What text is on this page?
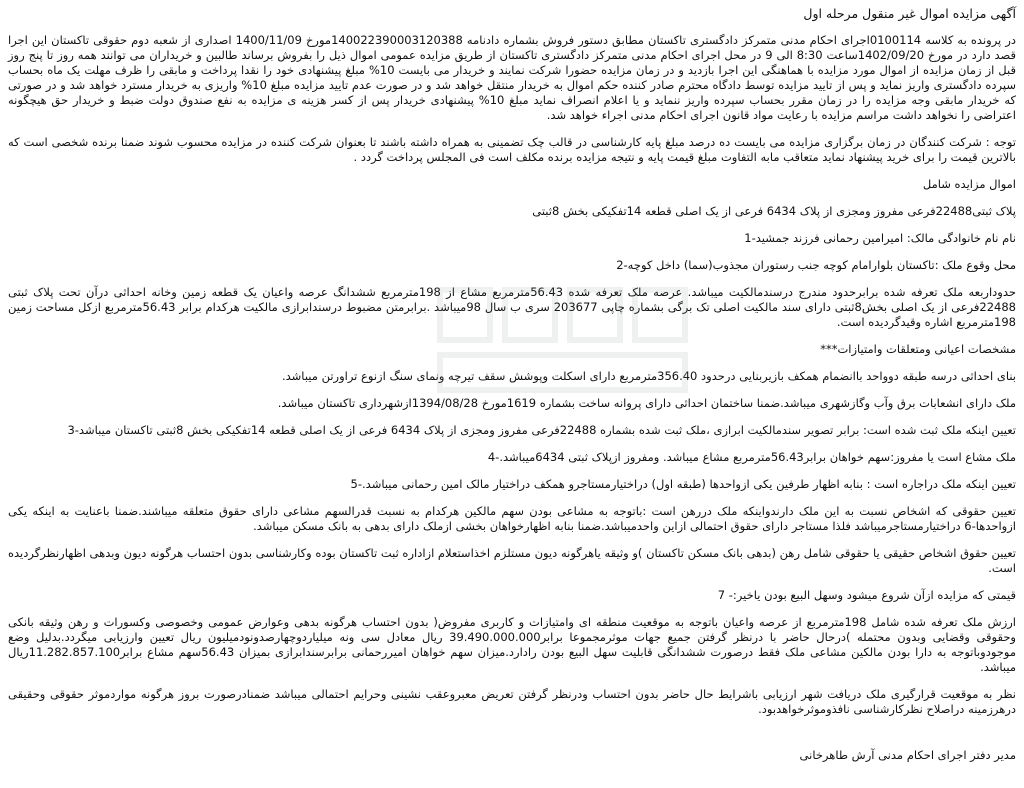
آگهی مزایده اموال غیر منقول مرحله اول
در پرونده به کلاسه 0100114اجرای احکام مدنی متمرکز دادگستری تاکستان مطابق دستور فروش بشماره دادنامه 140022390003120388مورخ 1400/11/09 اصداری از شعبه دوم حقوقی تاکستان این اجرا قصد دارد در مورخ 1402/09/20ساعت 8:30 الی 9 در محل اجرای احکام مدنی متمرکز دادگستری تاکستان از طریق مزایده عمومی اموال ذیل را بفروش برساند طالبین و خریداران می توانند همه روز تا پنج روز قبل از زمان مزایده از اموال مورد مزایده با هماهنگی این اجرا بازدید و در زمان مزایده حضورا شرکت نمایند و خریدار می بایست 10% مبلغ پیشنهادی خود را نقدا پرداخت و مابقی را ظرف مهلت یک ماه بحساب سپرده دادگستری واریز نماید و پس از تایید مزایده توسط دادگاه محترم صادر کننده حکم اموال به خریدار منتقل خواهد شد و در صورت عدم تایید مزایده مبلغ 10% واریزی به خریدار مسترد خواهد شد و در صورتی که خریدار مابقی وجه مزایده را در زمان مقرر بحساب سپرده واریز ننماید و یا اعلام انصراف نماید مبلغ 10% پیشنهادی خریدار پس از کسر هزینه ی مزایده به نفع صندوق دولت ضبط و خریدار حق هیچگونه اعتراضی را نخواهد داشت مراسم مزایده با رعایت مواد قانون اجرای احکام مدنی اجراء خواهد شد.
توجه : شرکت کنندگان در زمان برگزاری مزایده می بایست ده درصد مبلغ پایه کارشناسی در قالب چک تضمینی به همراه داشته باشند تا بعنوان شرکت کننده در مزایده محسوب شوند ضمنا برنده شخصی است که بالاترین قیمت را برای خرید پیشنهاد نماید متعاقب مابه التفاوت مبلغ قیمت پایه و نتیجه مزایده برنده مکلف است فی المجلس پرداخت گردد .
اموال مزایده شامل
پلاک ثبتی22488فرعی مفروز ومجزی از پلاک 6434 فرعی از یک اصلی قطعه 14تفکیکی بخش 8ثبتی
نام نام خانوادگی مالک: امیرامین رحمانی فرزند جمشید-1
محل وقوع ملک :تاکستان بلوارامام کوچه جنب رستوران مجذوب(سما) داخل کوچه-2
حدوداربعه ملک تعرفه شده برابرحدود مندرج درسندمالکیت میباشد. عرصه ملک تعرفه شده 56.43مترمربع مشاع از 198مترمربع ششدانگ عرصه واعیان یک قطعه زمین وخانه احداثی درآن تحت پلاک ثبتی 22488فرعی از یک اصلی بخش8ثبتی دارای سند مالکیت اصلی تک برگی بشماره چاپی 203677 سری ب سال 98میباشد .برابرمتن مضبوط درسندابرازی مالکیت هرکدام برابر 56.43مترمربع ازکل مساحت زمین 198مترمربع اشاره وقیدگردیده است.
مشخصات اعیانی ومتعلقات وامتیازات***
بنای احداثی درسه طبقه دوواحد باانضمام همکف بازیربنایی درحدود 356.40مترمربع دارای اسکلت وپوشش سقف تیرچه ونمای سنگ ازنوع تراورتن میباشد.
ملک دارای انشعابات برق وآب وگازشهری میباشد.ضمنا ساختمان احداثی دارای پروانه ساخت بشماره 1619مورخ 1394/08/28ازشهرداری تاکستان میباشد.
تعیین اینکه ملک ثبت شده است: برابر تصویر سندمالکیت ابرازی ،ملک ثبت شده بشماره 22488فرعی مفروز ومجزی از پلاک 6434 فرعی از یک اصلی قطعه 14تفکیکی بخش 8ثبتی تاکستان میباشد-3
ملک مشاع است یا مفروز:سهم خواهان برابر56.43مترمربع مشاع میباشد. ومفروز ازپلاک ثبتی 6434میباشد.-4
تعیین اینکه ملک دراجاره است : بنابه اظهار طرفین یکی ازواحدها (طبقه اول) دراختیارمستاجرو همکف دراختیار مالک امین رحمانی میباشد.-5
تعیین حقوقی که اشخاص نسبت به این ملک دارندواینکه ملک دررهن است :باتوجه به مشاعی بودن سهم مالکین هرکدام به نسبت قدرالسهم مشاعی دارای حقوق متعلقه میباشند.ضمنا باعنایت به اینکه یکی ازواحدها-6 دراختیارمستاجرمیباشد فلذا مستاجر دارای حقوق احتمالی ازاین واحدمیباشد.ضمنا بنابه اظهارخواهان بخشی ازملک دارای بدهی به بانک مسکن میباشد.
تعیین حقوق اشخاص حقیقی یا حقوقی شامل رهن (بدهی بانک مسکن تاکستان )و وثیقه یاهرگونه دیون مستلزم اخذاستعلام ازاداره ثبت تاکستان بوده وکارشناسی بدون احتساب هرگونه دیون وبدهی اظهارنظرگردیده است.
قیمتی که مزایده ازآن شروع میشود وسهل البیع بودن یاخیر:- 7
ارزش ملک تعرفه شده شامل 198مترمربع از عرصه واعیان باتوجه به موقعیت منطقه ای وامتیازات و کاربری مفروض( بدون احتساب هرگونه بدهی وعوارض عمومی وخصوصی وکسورات و رهن وثیقه بانکی وحقوقی وقضایی وبدون محتمله )درحال حاضر با درنظر گرفتن جمیع جهات موثرمجموعا برابر39.490.000.000 ریال معادل سی ونه میلیاردوچهارصدونودمیلیون ریال تعیین وارزیابی میگردد.بدلیل وضع موجودوباتوجه به دارا بودن مالکین مشاعی ملک فقط درصورت ششدانگی قابلیت سهل البیع بودن رادارد.میزان سهم خواهان امیررحمانی برابرسندابرازی بمیزان 56.43سهم مشاع برابر11.282.857.100ریال میباشد.
نظر به موقعیت قرارگیری ملک دریافت شهر ارزیابی باشرایط حال حاضر بدون احتساب ودرنظر گرفتن تعریض معبروعقب نشینی وحرایم احتمالی میباشد ضمنادرصورت بروز هرگونه مواردموثر حقوقی وحقیقی درهرزمینه دراصلاح نظرکارشناسی نافذوموثرخواهدبود.
مدیر دفتر اجرای احکام مدنی آرش طاهرخانی
